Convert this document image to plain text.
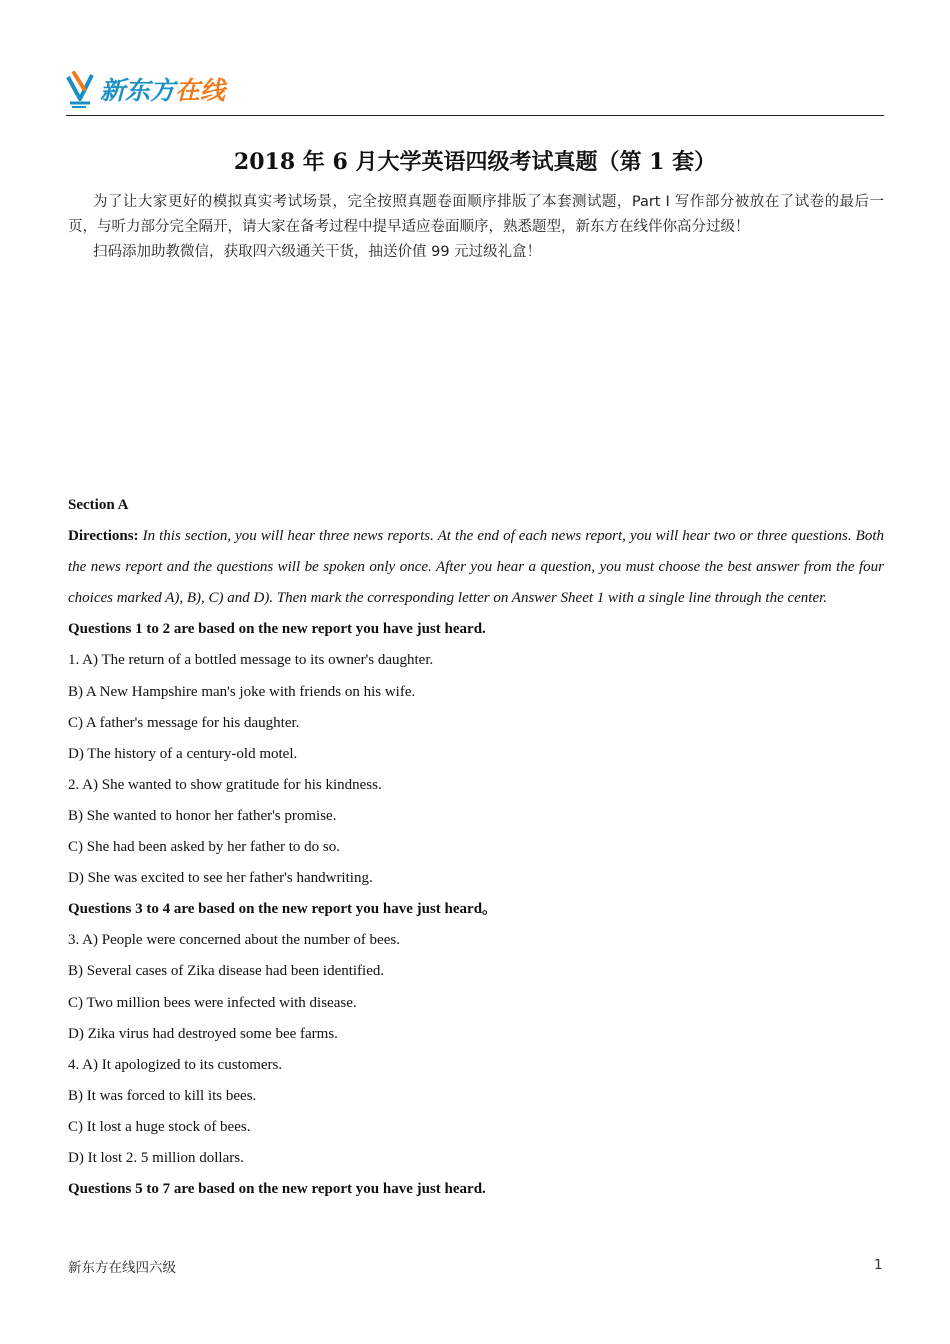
新东方在线
2018 年 6 月大学英语四级考试真题（第 1 套）

为了让大家更好的模拟真实考试场景，完全按照真题卷面顺序排版了本套测试题，Part I 写作部分被放在了试卷的最后一页，与听力部分完全隔开，请大家在备考过程中提早适应卷面顺序，熟悉题型，新东方在线伴你高分过级！

扫码添加助教微信，获取四六级通关干货，抽送价值 99 元过级礼盒！

Section A

Directions: In this section, you will hear three news reports. At the end of each news report, you will hear two or three questions. Both the news report and the questions will be spoken only once. After you hear a question, you must choose the best answer from the four choices marked A), B), C) and D). Then mark the corresponding letter on Answer Sheet 1 with a single line through the center.

Questions 1 to 2 are based on the new report you have just heard.

1. A) The return of a bottled message to its owner's daughter.

B) A New Hampshire man's joke with friends on his wife.

C) A father's message for his daughter.

D) The history of a century-old motel.

2. A) She wanted to show gratitude for his kindness.

B) She wanted to honor her father's promise.

C) She had been asked by her father to do so.

D) She was excited to see her father's handwriting.

Questions 3 to 4 are based on the new report you have just heard。

3. A) People were concerned about the number of bees.

B) Several cases of Zika disease had been identified.

C) Two million bees were infected with disease.

D) Zika virus had destroyed some bee farms.

4. A) It apologized to its customers.

B) It was forced to kill its bees.

C) It lost a huge stock of bees.

D) It lost 2. 5 million dollars.

Questions 5 to 7 are based on the new report you have just heard.

新东方在线四六级	1
